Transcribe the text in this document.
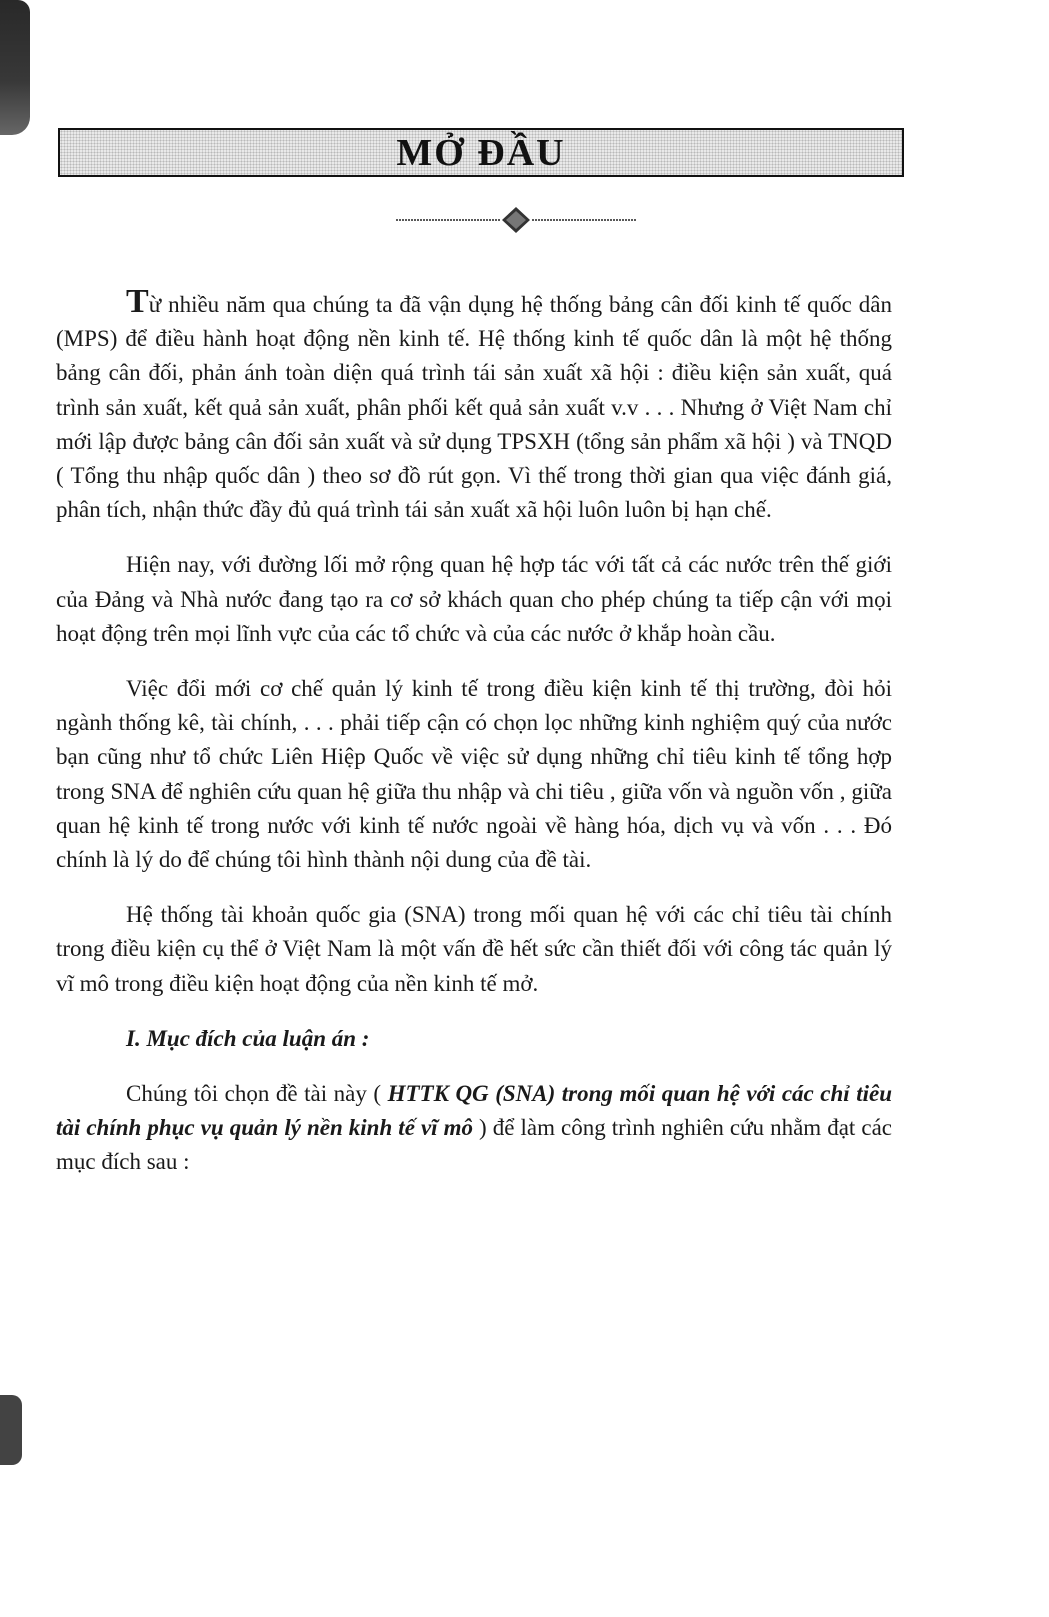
MỞ ĐẦU

Từ nhiều năm qua chúng ta đã vận dụng hệ thống bảng cân đối kinh tế quốc dân (MPS) để điều hành hoạt động nền kinh tế. Hệ thống kinh tế quốc dân là một hệ thống bảng cân đối, phản ánh toàn diện quá trình tái sản xuất xã hội : điều kiện sản xuất, quá trình sản xuất, kết quả sản xuất, phân phối kết quả sản xuất v.v . . . Nhưng ở Việt Nam chỉ mới lập được bảng cân đối sản xuất và sử dụng TPSXH (tổng sản phẩm xã hội ) và TNQD ( Tổng thu nhập quốc dân ) theo sơ đồ rút gọn. Vì thế trong thời gian qua việc đánh giá, phân tích, nhận thức đầy đủ quá trình tái sản xuất xã hội luôn luôn bị hạn chế.

Hiện nay, với đường lối mở rộng quan hệ hợp tác với tất cả các nước trên thế giới của Đảng và Nhà nước đang tạo ra cơ sở khách quan cho phép chúng ta tiếp cận với mọi hoạt động trên mọi lĩnh vực của các tổ chức và của các nước ở khắp hoàn cầu.

Việc đổi mới cơ chế quản lý kinh tế trong điều kiện kinh tế thị trường, đòi hỏi ngành thống kê, tài chính, . . . phải tiếp cận có chọn lọc những kinh nghiệm quý của nước bạn cũng như tổ chức Liên Hiệp Quốc về việc sử dụng những chỉ tiêu kinh tế tổng hợp trong SNA để nghiên cứu quan hệ giữa thu nhập và chi tiêu , giữa vốn và nguồn vốn , giữa quan hệ kinh tế trong nước với kinh tế nước ngoài về hàng hóa, dịch vụ và vốn . . . Đó chính là lý do để chúng tôi hình thành nội dung của đề tài.

Hệ thống tài khoản quốc gia (SNA) trong mối quan hệ với các chỉ tiêu tài chính trong điều kiện cụ thể ở Việt Nam là một vấn đề hết sức cần thiết đối với công tác quản lý vĩ mô trong điều kiện hoạt động của nền kinh tế mở.

I. Mục đích của luận án :

Chúng tôi chọn đề tài này ( HTTK QG (SNA) trong mối quan hệ với các chỉ tiêu tài chính phục vụ quản lý nền kinh tế vĩ mô ) để làm công trình nghiên cứu nhằm đạt các mục đích sau :
